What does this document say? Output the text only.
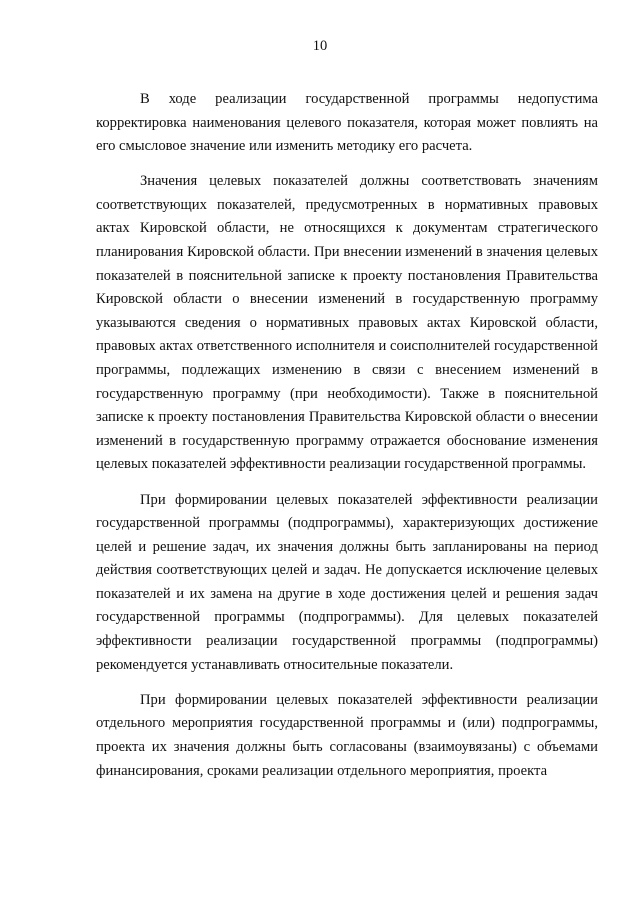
10

В ходе реализации государственной программы недопустима корректировка наименования целевого показателя, которая может повлиять на его смысловое значение или изменить методику его расчета.

Значения целевых показателей должны соответствовать значениям соответствующих показателей, предусмотренных в нормативных правовых актах Кировской области, не относящихся к документам стратегического планирования Кировской области. При внесении изменений в значения целевых показателей в пояснительной записке к проекту постановления Правительства Кировской области о внесении изменений в государственную программу указываются сведения о нормативных правовых актах Кировской области, правовых актах ответственного исполнителя и соисполнителей государственной программы, подлежащих изменению в связи с внесением изменений в государственную программу (при необходимости). Также в пояснительной записке к проекту постановления Правительства Кировской области о внесении изменений в государственную программу отражается обоснование изменения целевых показателей эффективности реализации государственной программы.

При формировании целевых показателей эффективности реализации государственной программы (подпрограммы), характеризующих достижение целей и решение задач, их значения должны быть запланированы на период действия соответствующих целей и задач. Не допускается исключение целевых показателей и их замена на другие в ходе достижения целей и решения задач государственной программы (подпрограммы). Для целевых показателей эффективности реализации государственной программы (подпрограммы) рекомендуется устанавливать относительные показатели.

При формировании целевых показателей эффективности реализации отдельного мероприятия государственной программы и (или) подпрограммы, проекта их значения должны быть согласованы (взаимоувязаны) с объемами финансирования, сроками реализации отдельного мероприятия, проекта
